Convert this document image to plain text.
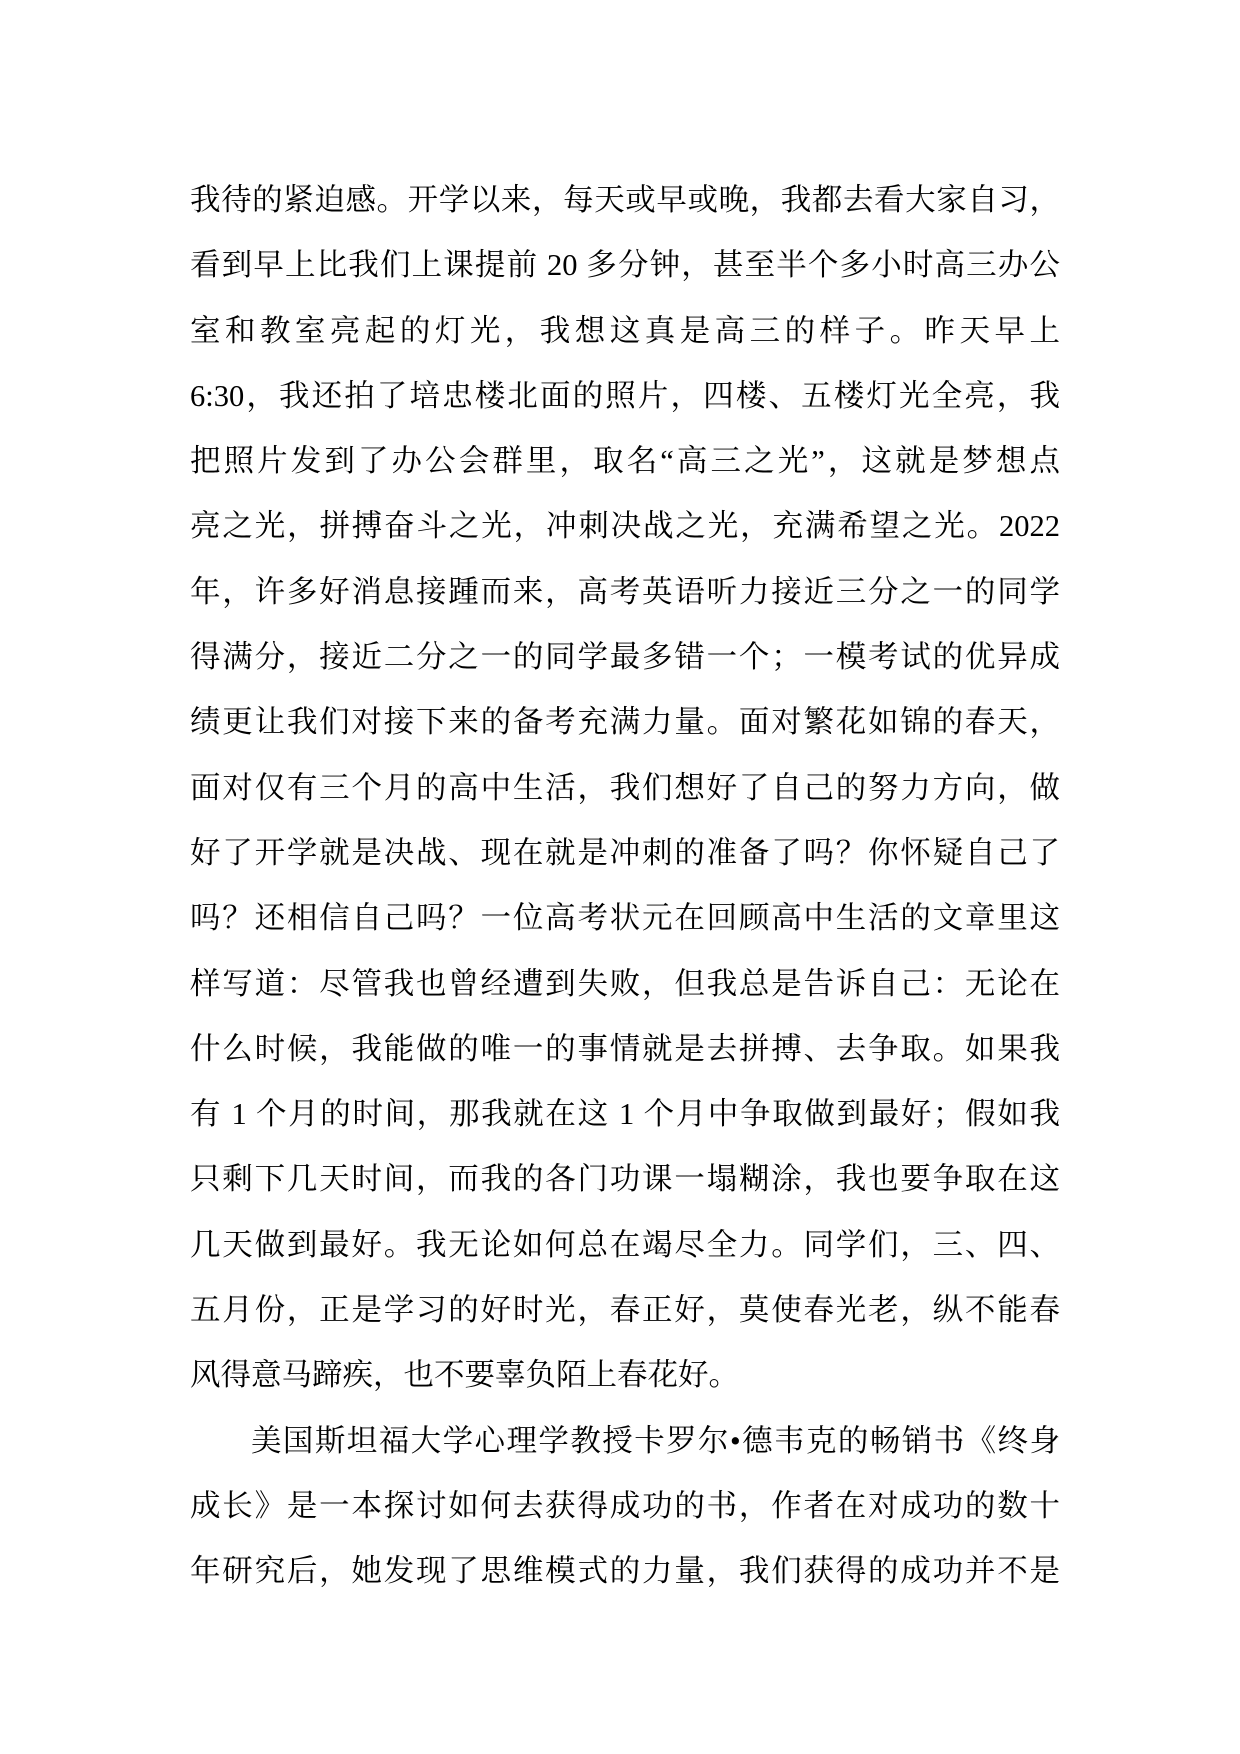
我待的紧迫感。开学以来，每天或早或晚，我都去看大家自习，
看到早上比我们上课提前 20 多分钟，甚至半个多小时高三办公
室和教室亮起的灯光，我想这真是高三的样子。昨天早上
6:30，我还拍了培忠楼北面的照片，四楼、五楼灯光全亮，我
把照片发到了办公会群里，取名“高三之光”，这就是梦想点
亮之光，拼搏奋斗之光，冲刺决战之光，充满希望之光。2022
年，许多好消息接踵而来，高考英语听力接近三分之一的同学
得满分，接近二分之一的同学最多错一个；一模考试的优异成
绩更让我们对接下来的备考充满力量。面对繁花如锦的春天，
面对仅有三个月的高中生活，我们想好了自己的努力方向，做
好了开学就是决战、现在就是冲刺的准备了吗？你怀疑自己了
吗？还相信自己吗？一位高考状元在回顾高中生活的文章里这
样写道：尽管我也曾经遭到失败，但我总是告诉自己：无论在
什么时候，我能做的唯一的事情就是去拼搏、去争取。如果我
有 1 个月的时间，那我就在这 1 个月中争取做到最好；假如我
只剩下几天时间，而我的各门功课一塌糊涂，我也要争取在这
几天做到最好。我无论如何总在竭尽全力。同学们，三、四、
五月份，正是学习的好时光，春正好，莫使春光老，纵不能春
风得意马蹄疾，也不要辜负陌上春花好。
美国斯坦福大学心理学教授卡罗尔•德韦克的畅销书《终身
成长》是一本探讨如何去获得成功的书，作者在对成功的数十
年研究后，她发现了思维模式的力量，我们获得的成功并不是
